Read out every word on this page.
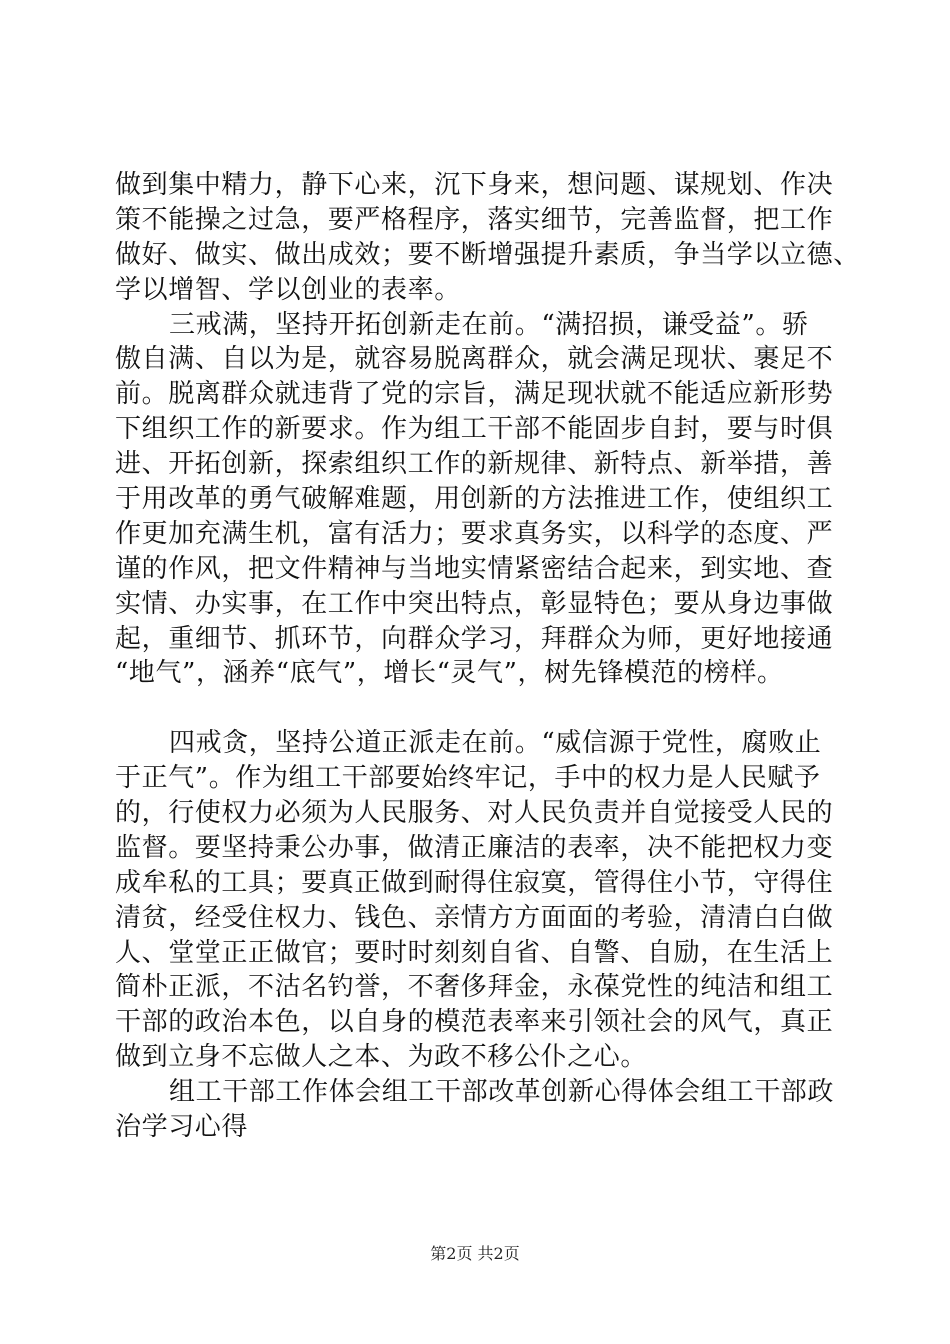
做到集中精力，静下心来，沉下身来，想问题、谋规划、作决
策不能操之过急，要严格程序，落实细节，完善监督，把工作
做好、做实、做出成效；要不断增强提升素质，争当学以立德、
学以增智、学以创业的表率。
三戒满，坚持开拓创新走在前。“满招损，谦受益”。骄
傲自满、自以为是，就容易脱离群众，就会满足现状、裹足不
前。脱离群众就违背了党的宗旨，满足现状就不能适应新形势
下组织工作的新要求。作为组工干部不能固步自封，要与时俱
进、开拓创新，探索组织工作的新规律、新特点、新举措，善
于用改革的勇气破解难题，用创新的方法推进工作，使组织工
作更加充满生机，富有活力；要求真务实，以科学的态度、严
谨的作风，把文件精神与当地实情紧密结合起来，到实地、查
实情、办实事，在工作中突出特点，彰显特色；要从身边事做
起，重细节、抓环节，向群众学习，拜群众为师，更好地接通
“地气”，涵养“底气”，增长“灵气”，树先锋模范的榜样。
四戒贪，坚持公道正派走在前。“威信源于党性，腐败止
于正气”。作为组工干部要始终牢记，手中的权力是人民赋予
的，行使权力必须为人民服务、对人民负责并自觉接受人民的
监督。要坚持秉公办事，做清正廉洁的表率，决不能把权力变
成牟私的工具；要真正做到耐得住寂寞，管得住小节，守得住
清贫，经受住权力、钱色、亲情方方面面的考验，清清白白做
人、堂堂正正做官；要时时刻刻自省、自警、自励，在生活上
简朴正派，不沽名钓誉，不奢侈拜金，永葆党性的纯洁和组工
干部的政治本色，以自身的模范表率来引领社会的风气，真正
做到立身不忘做人之本、为政不移公仆之心。
组工干部工作体会组工干部改革创新心得体会组工干部政
治学习心得
第2页 共2页
